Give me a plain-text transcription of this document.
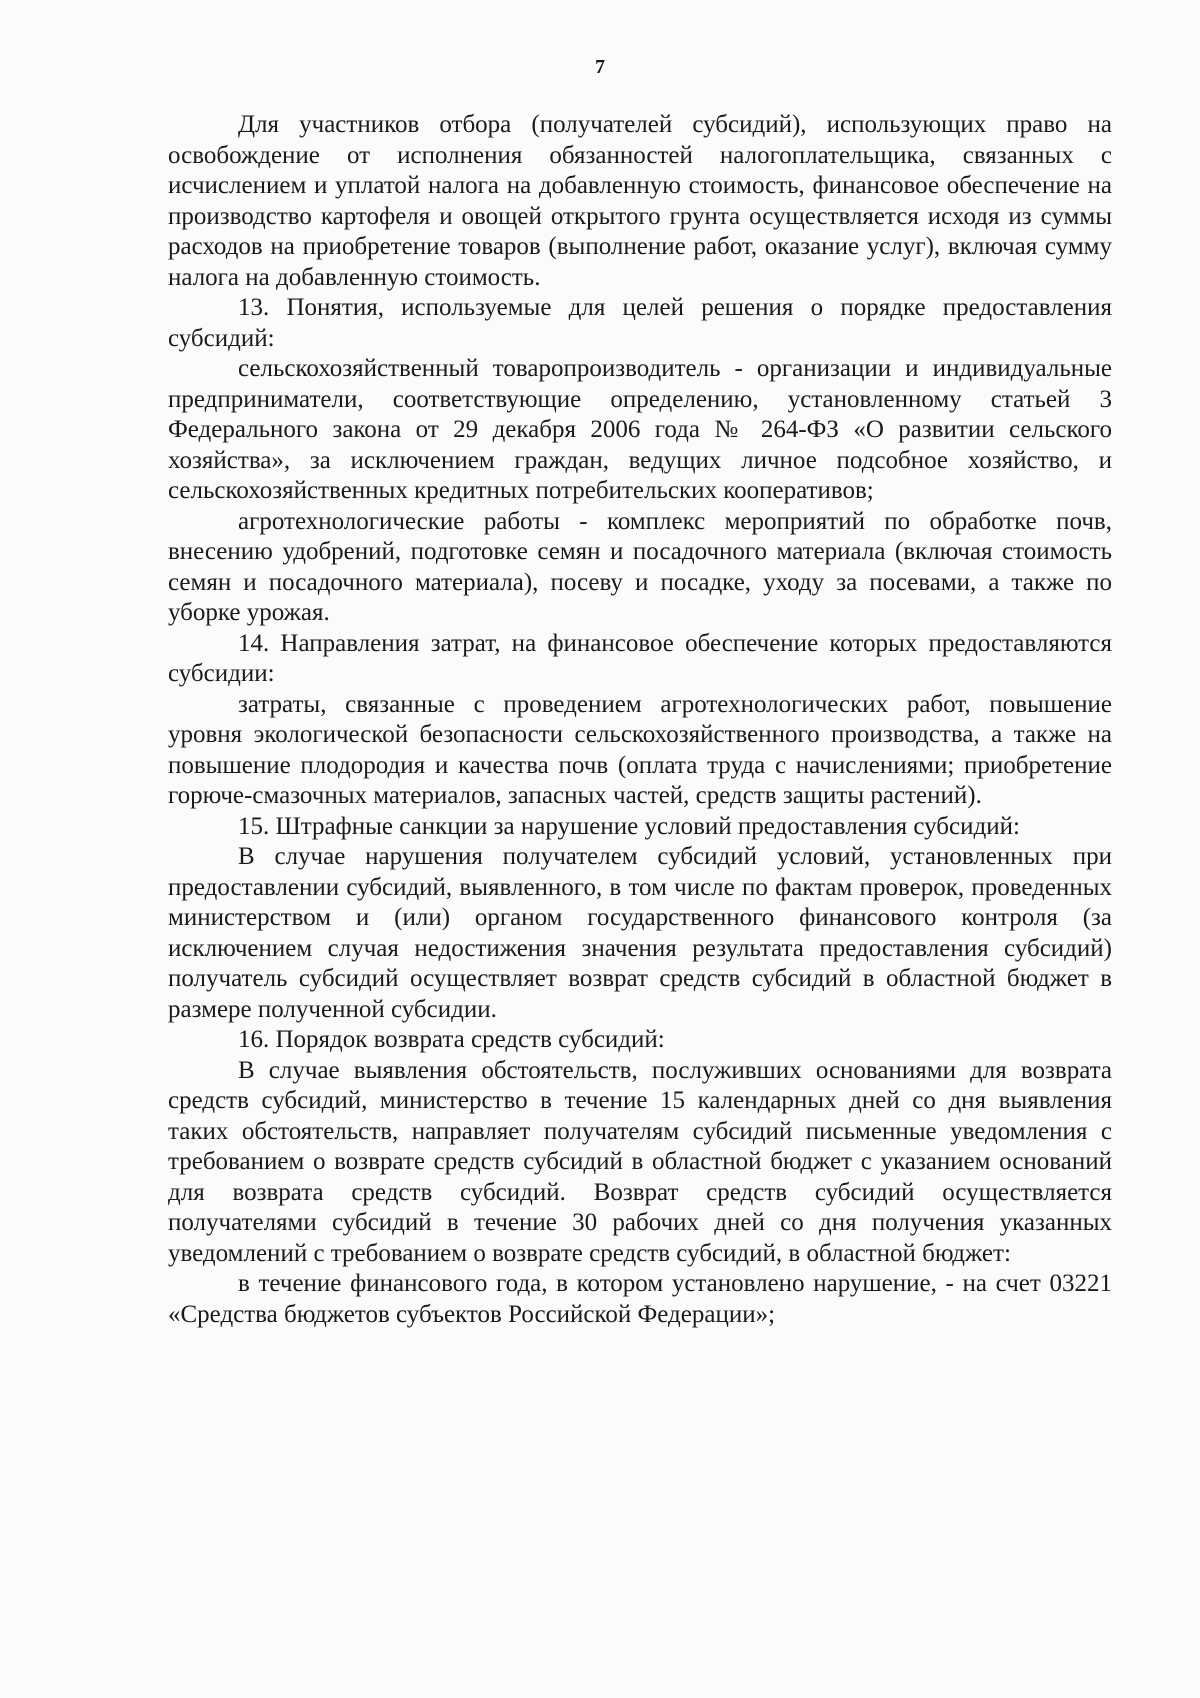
7

Для участников отбора (получателей субсидий), использующих право на освобождение от исполнения обязанностей налогоплательщика, связанных с исчислением и уплатой налога на добавленную стоимость, финансовое обеспечение на производство картофеля и овощей открытого грунта осуществляется исходя из суммы расходов на приобретение товаров (выполнение работ, оказание услуг), включая сумму налога на добавленную стоимость.

13. Понятия, используемые для целей решения о порядке предоставления субсидий:

сельскохозяйственный товаропроизводитель - организации и индивидуальные предприниматели, соответствующие определению, установленному статьей 3 Федерального закона от 29 декабря 2006 года № 264-ФЗ «О развитии сельского хозяйства», за исключением граждан, ведущих личное подсобное хозяйство, и сельскохозяйственных кредитных потребительских кооперативов;

агротехнологические работы - комплекс мероприятий по обработке почв, внесению удобрений, подготовке семян и посадочного материала (включая стоимость семян и посадочного материала), посеву и посадке, уходу за посевами, а также по уборке урожая.

14. Направления затрат, на финансовое обеспечение которых предоставляются субсидии:

затраты, связанные с проведением агротехнологических работ, повышение уровня экологической безопасности сельскохозяйственного производства, а также на повышение плодородия и качества почв (оплата труда с начислениями; приобретение горюче-смазочных материалов, запасных частей, средств защиты растений).

15. Штрафные санкции за нарушение условий предоставления субсидий:

В случае нарушения получателем субсидий условий, установленных при предоставлении субсидий, выявленного, в том числе по фактам проверок, проведенных министерством и (или) органом государственного финансового контроля (за исключением случая недостижения значения результата предоставления субсидий) получатель субсидий осуществляет возврат средств субсидий в областной бюджет в размере полученной субсидии.

16. Порядок возврата средств субсидий:

В случае выявления обстоятельств, послуживших основаниями для возврата средств субсидий, министерство в течение 15 календарных дней со дня выявления таких обстоятельств, направляет получателям субсидий письменные уведомления с требованием о возврате средств субсидий в областной бюджет с указанием оснований для возврата средств субсидий. Возврат средств субсидий осуществляется получателями субсидий в течение 30 рабочих дней со дня получения указанных уведомлений с требованием о возврате средств субсидий, в областной бюджет:

в течение финансового года, в котором установлено нарушение, - на счет 03221 «Средства бюджетов субъектов Российской Федерации»;
